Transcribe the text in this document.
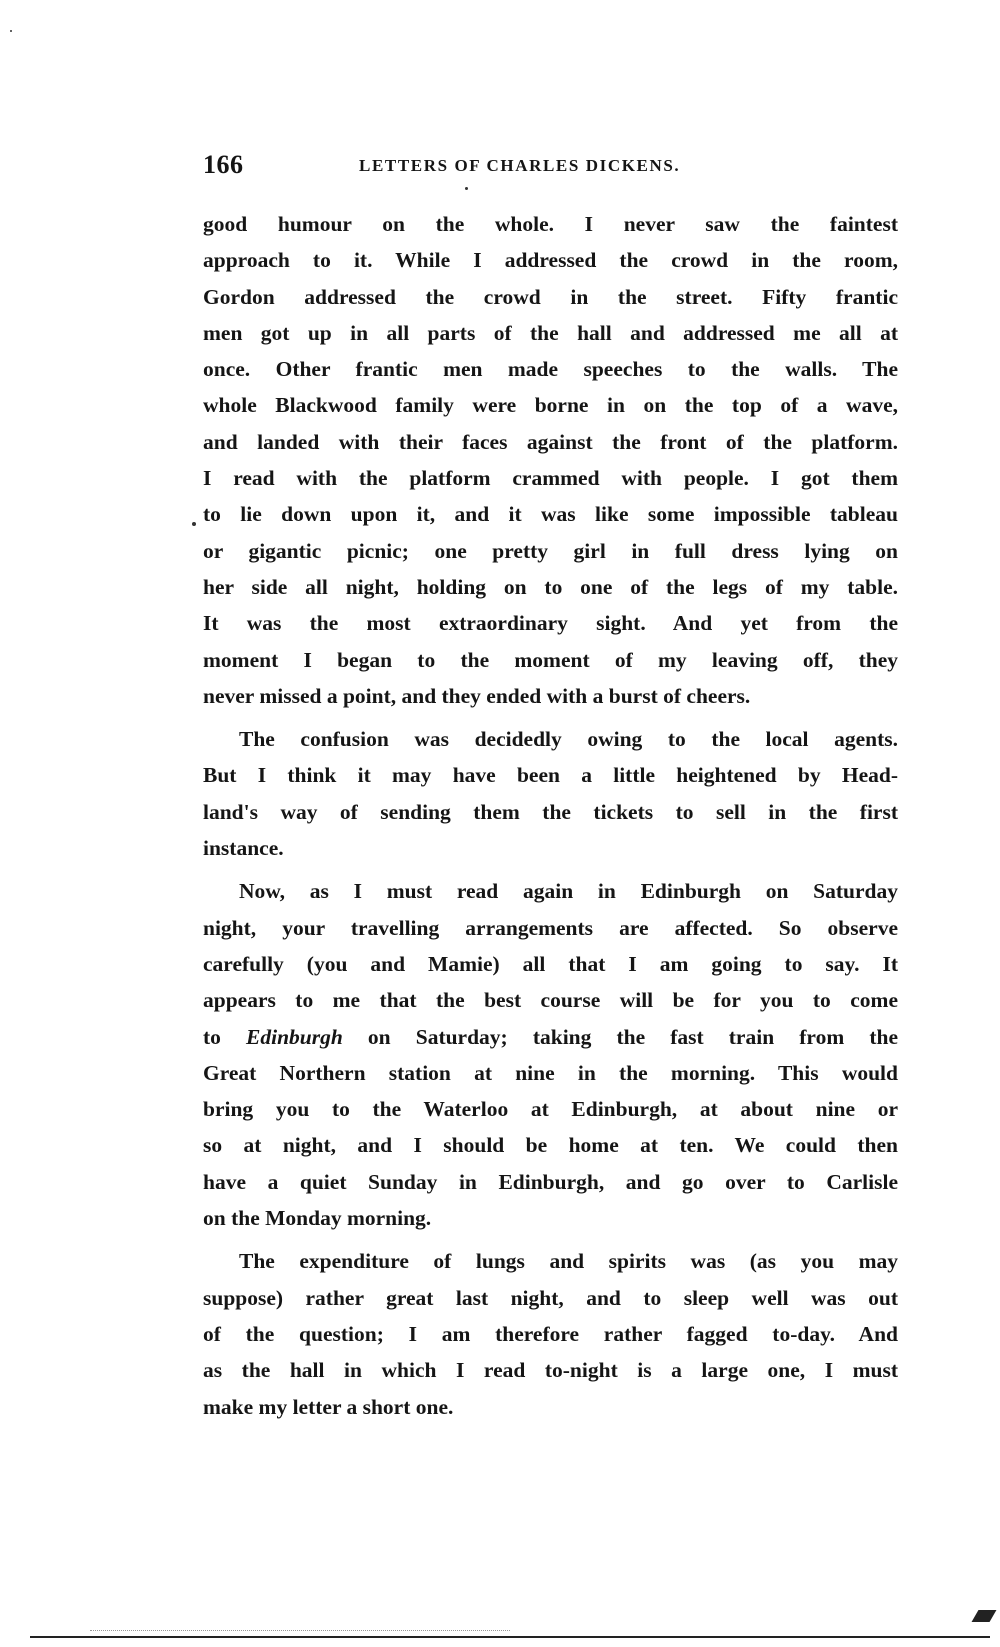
166	LETTERS OF CHARLES DICKENS.
good humour on the whole. I never saw the faintest
approach to it. While I addressed the crowd in the room,
Gordon addressed the crowd in the street. Fifty frantic
men got up in all parts of the hall and addressed me all at
once. Other frantic men made speeches to the walls. The
whole Blackwood family were borne in on the top of a wave,
and landed with their faces against the front of the platform.
I read with the platform crammed with people. I got them
to lie down upon it, and it was like some impossible tableau
or gigantic picnic; one pretty girl in full dress lying on
her side all night, holding on to one of the legs of my table.
It was the most extraordinary sight. And yet from the
moment I began to the moment of my leaving off, they
never missed a point, and they ended with a burst of cheers.
The confusion was decidedly owing to the local agents.
But I think it may have been a little heightened by Head-
land's way of sending them the tickets to sell in the first
instance.
Now, as I must read again in Edinburgh on Saturday
night, your travelling arrangements are affected. So observe
carefully (you and Mamie) all that I am going to say. It
appears to me that the best course will be for you to come
to Edinburgh on Saturday; taking the fast train from the
Great Northern station at nine in the morning. This would
bring you to the Waterloo at Edinburgh, at about nine or
so at night, and I should be home at ten. We could then
have a quiet Sunday in Edinburgh, and go over to Carlisle
on the Monday morning.
The expenditure of lungs and spirits was (as you may
suppose) rather great last night, and to sleep well was out
of the question; I am therefore rather fagged to-day. And
as the hall in which I read to-night is a large one, I must
make my letter a short one.
